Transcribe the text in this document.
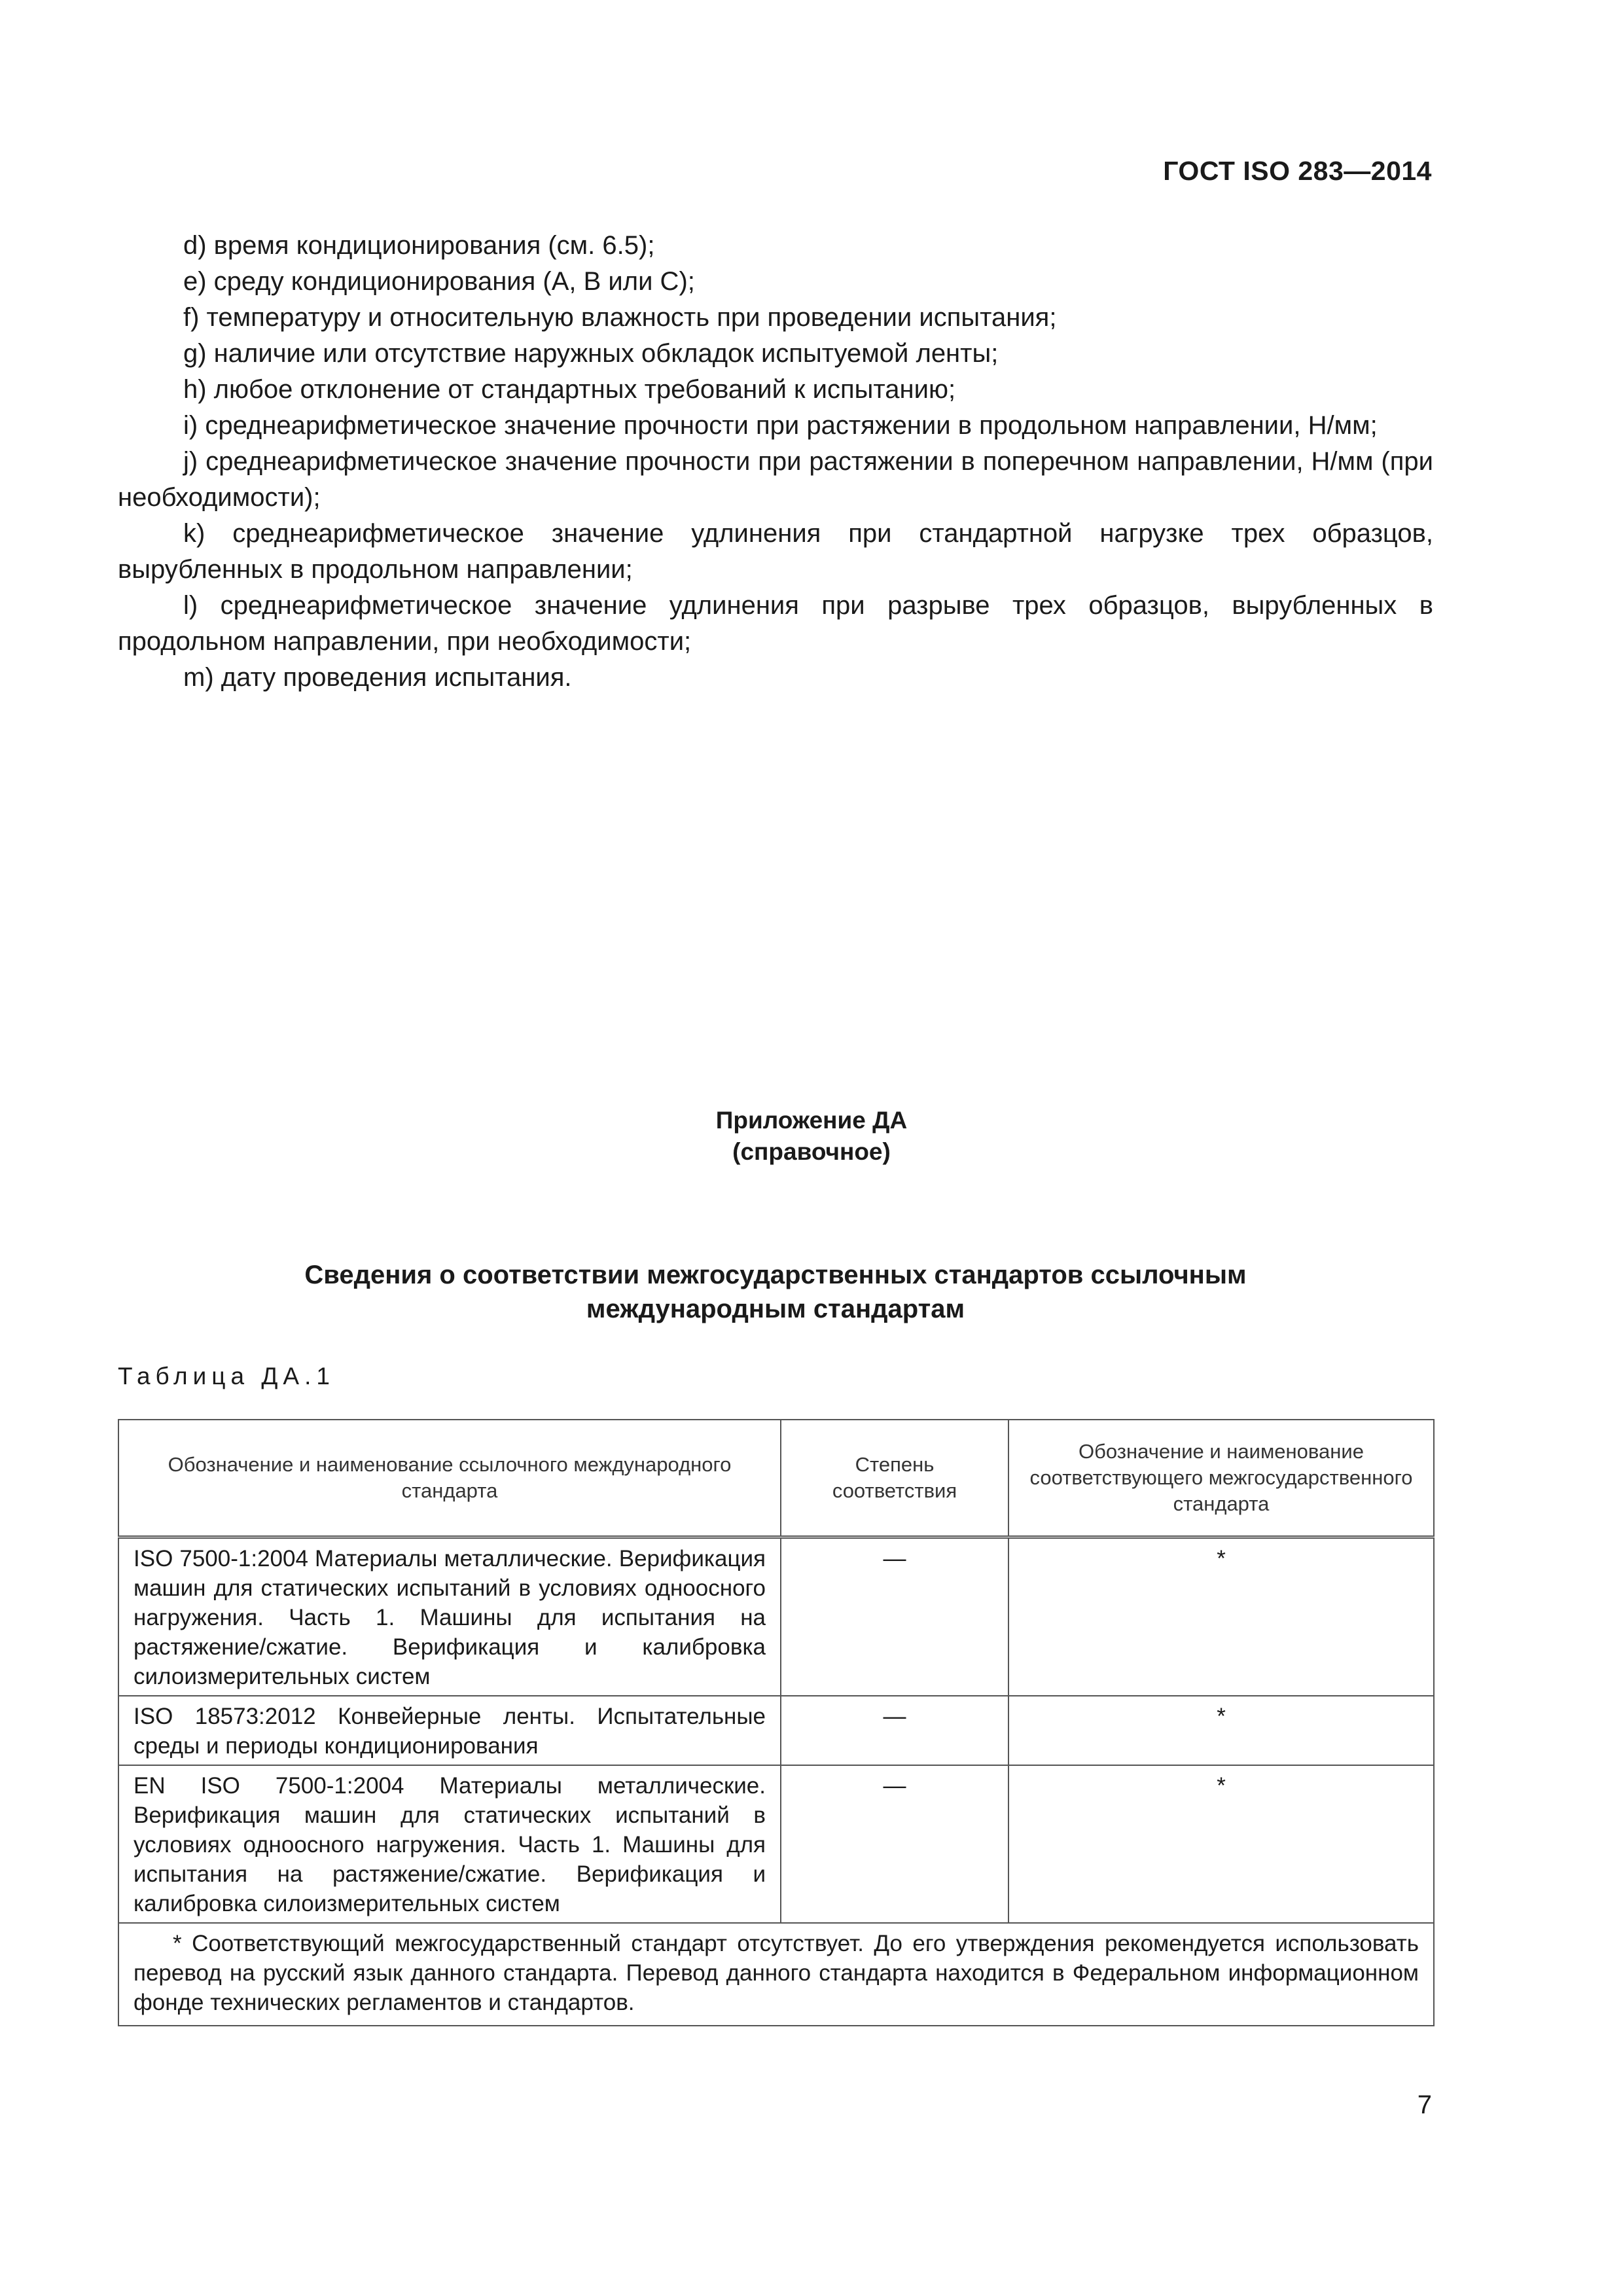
ГОСТ ISO 283—2014

d) время кондиционирования (см. 6.5);

e) среду кондиционирования (A, B или C);

f) температуру и относительную влажность при проведении испытания;

g) наличие или отсутствие наружных обкладок испытуемой ленты;

h) любое отклонение от стандартных требований к испытанию;

i) среднеарифметическое значение прочности при растяжении в продольном направлении, Н/мм;

j) среднеарифметическое значение прочности при растяжении в поперечном направлении, Н/мм (при необходимости);

k) среднеарифметическое значение удлинения при стандартной нагрузке трех образцов, вырубленных в продольном направлении;

l) среднеарифметическое значение удлинения при разрыве трех образцов, вырубленных в продольном направлении, при необходимости;

m) дату проведения испытания.

Приложение ДА
(справочное)
Сведения о соответствии межгосударственных стандартов ссылочным
международным стандартам
Таблица ДА.1
Обозначение и наименование ссылочного международного стандарта	Степень соответствия	Обозначение и наименование соответствующего межгосударственного стандарта
ISO 7500-1:2004 Материалы металлические. Верификация машин для статических испытаний в условиях одноосного нагружения. Часть 1. Машины для испытания на растяжение/сжатие. Верификация и калибровка силоизмерительных систем	—	*
ISO 18573:2012 Конвейерные ленты. Испытательные среды и периоды кондиционирования	—	*
EN ISO 7500-1:2004 Материалы металлические. Верификация машин для статических испытаний в условиях одноосного нагружения. Часть 1. Машины для испытания на растяжение/сжатие. Верификация и калибровка силоизмерительных систем	—	*
* Соответствующий межгосударственный стандарт отсутствует. До его утверждения рекомендуется использовать перевод на русский язык данного стандарта. Перевод данного стандарта находится в Федеральном информационном фонде технических регламентов и стандартов.		
7
